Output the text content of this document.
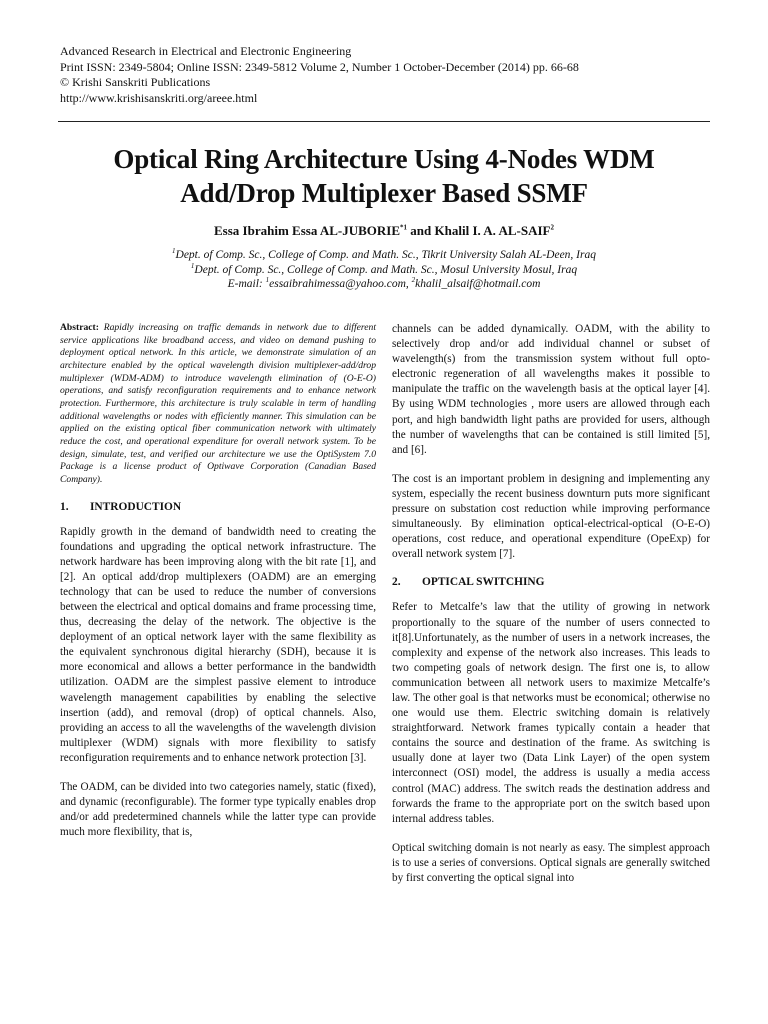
Advanced Research in Electrical and Electronic Engineering
Print ISSN: 2349-5804; Online ISSN: 2349-5812 Volume 2, Number 1 October-December (2014) pp. 66-68
© Krishi Sanskriti Publications
http://www.krishisanskriti.org/areee.html
Optical Ring Architecture Using 4-Nodes WDM
Add/Drop Multiplexer Based SSMF
Essa Ibrahim Essa AL-JUBORIE$^{*1}$ and Khalil I. A. AL-SAIF$^2$
$^1$Dept. of Comp. Sc., College of Comp. and Math. Sc., Tikrit University Salah AL-Deen, Iraq
$^1$Dept. of Comp. Sc., College of Comp. and Math. Sc., Mosul University Mosul, Iraq
E-mail: $^1$essaibrahimessa@yahoo.com, $^2$khalil_alsaif@hotmail.com

Abstract: Rapidly increasing on traffic demands in network due to different service applications like broadband access, and video on demand pushing to deployment optical network. In this article, we demonstrate simulation of an architecture enabled by the optical wavelength division multiplexer-add/drop multiplexer (WDM-ADM) to introduce wavelength elimination of (O-E-O) operations, and satisfy reconfiguration requirements and to enhance network protection. Furthermore, this architecture is truly scalable in term of handling additional wavelengths or nodes with efficiently manner. This simulation can be applied on the existing optical fiber communication network with ultimately reduce the cost, and operational expenditure for overall network system. To be design, simulate, test, and verified our architecture we use the OptiSystem 7.0 Package is a license product of Optiwave Corporation (Canadian Based Company).

1.	INTRODUCTION

Rapidly growth in the demand of bandwidth need to creating the foundations and upgrading the optical network infrastructure. The network hardware has been improving along with the bit rate [1], and [2]. An optical add/drop multiplexers (OADM) are an emerging technology that can be used to reduce the number of conversions between the electrical and optical domains and frame processing time, thus, decreasing the delay of the network. The objective is the deployment of an optical network layer with the same flexibility as the equivalent synchronous digital hierarchy (SDH), because it is more economical and allows a better performance in the bandwidth utilization. OADM are the simplest passive element to introduce wavelength management capabilities by enabling the selective insertion (add), and removal (drop) of optical channels. Also, providing an access to all the wavelengths of the wavelength division multiplexer (WDM) signals with more flexibility to satisfy reconfiguration requirements and to enhance network protection [3].

The OADM, can be divided into two categories namely, static (fixed), and dynamic (reconfigurable). The former type typically enables drop and/or add predetermined channels while the latter type can provide much more flexibility, that is,

channels can be added dynamically. OADM, with the ability to selectively drop and/or add individual channel or subset of wavelength(s) from the transmission system without full opto-electronic regeneration of all wavelengths makes it possible to manipulate the traffic on the wavelength basis at the optical layer [4]. By using WDM technologies , more users are allowed through each port, and high bandwidth light paths are provided for users, although the number of wavelengths that can be contained is still limited [5], and [6].

The cost is an important problem in designing and implementing any system, especially the recent business downturn puts more significant pressure on substation cost reduction while improving performance simultaneously. By elimination optical-electrical-optical (O-E-O) operations, cost reduce, and operational expenditure (OpeExp) for overall network system [7].

2.	OPTICAL SWITCHING

Refer to Metcalfe’s law that the utility of growing in network proportionally to the square of the number of users connected to it[8].Unfortunately, as the number of users in a network increases, the complexity and expense of the network also increases. This leads to two competing goals of network design. The first one is, to allow communication between all network users to maximize Metcalfe’s law. The other goal is that networks must be economical; otherwise no one would use them. Electric switching domain is relatively straightforward. Network frames typically contain a header that contains the source and destination of the frame. As switching is usually done at layer two (Data Link Layer) of the open system interconnect (OSI) model, the address is usually a media access control (MAC) address. The switch reads the destination address and forwards the frame to the appropriate port on the switch based upon internal address tables.

Optical switching domain is not nearly as easy. The simplest approach is to use a series of conversions. Optical signals are generally switched by first converting the optical signal into
